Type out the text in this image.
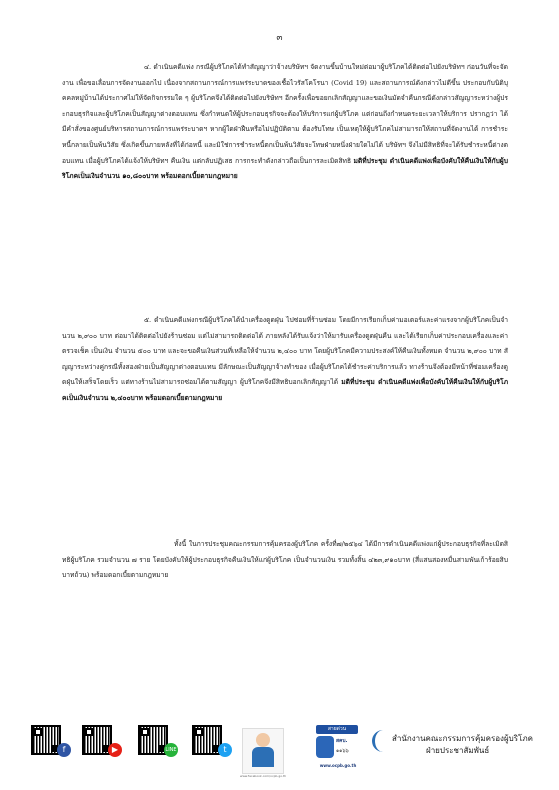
๓
๔. ดำเนินคดีแพ่ง กรณีผู้บริโภคได้ทำสัญญาว่าจ้างบริษัทฯ จัดงานขึ้นบ้านใหม่ต่อมาผู้บริโภคได้ติดต่อไปยังบริษัทฯ ก่อนวันที่จะจัดงาน เพื่อขอเลื่อนการจัดงานออกไป เนื่องจากสถานการณ์การแพร่ระบาดของเชื้อไวรัสโคโรนา (Covid 19) และสถานการณ์ดังกล่าวไม่ดีขึ้น ประกอบกับนิติบุคคลหมู่บ้านได้ประกาศไม่ให้จัดกิจกรรมใด ๆ ผู้บริโภคจึงได้ติดต่อไปยังบริษัทฯ อีกครั้งเพื่อขอยกเลิกสัญญาและขอเงินมัดจำคืนกรณีดังกล่าวสัญญาระหว่างผู้ประกอบธุรกิจและผู้บริโภคเป็นสัญญาต่างตอบแทน ซึ่งกำหนดให้ผู้ประกอบธุรกิจจะต้องให้บริการแก่ผู้บริโภค แต่ก่อนถึงกำหนดระยะเวลาให้บริการ ปรากฏว่า ได้มีคำสั่งของศูนย์บริหารสถานการณ์การแพร่ระบาดฯ หากผู้ใดฝ่าฝืนหรือไม่ปฏิบัติตาม ต้องรับโทษ เป็นเหตุให้ผู้บริโภคไม่สามารถให้สถานที่จัดงานได้ การชำระหนี้กลายเป็นพ้นวิสัย ซึ่งเกิดขึ้นภายหลังที่ได้ก่อหนี้ และมิใช่การชำระหนี้ตกเป็นพ้นวิสัยจะโทษฝ่ายหนึ่งฝ่ายใดไม่ได้ บริษัทฯ จึงไม่มีสิทธิที่จะได้รับชำระหนี้ต่างตอบแทน เมื่อผู้บริโภคได้แจ้งให้บริษัทฯ คืนเงิน แต่กลับปฏิเสธ การกระทำดังกล่าวถือเป็นการละเมิดสิทธิ มติที่ประชุม ดำเนินคดีแพ่งเพื่อบังคับให้คืนเงินให้กับผู้บริโภคเป็นเงินจำนวน ๑๐,๘๐๐บาท พร้อมดอกเบี้ยตามกฎหมาย
๕. ดำเนินคดีแพ่งกรณีผู้บริโภคได้นำเครื่องดูดฝุ่น ไปซ่อมที่ร้านซ่อม โดยมีการเรียกเก็บค่ามอเตอร์และค่าแรงจากผู้บริโภคเป็นจำนวน ๒,๙๐๐ บาท ต่อมาได้ติดต่อไปยังร้านซ่อม แต่ไม่สามารถติดต่อได้ ภายหลังได้รับแจ้งว่าให้มารับเครื่องดูดฝุ่นคืน และได้เรียกเก็บค่าประกอบเครื่องและค่าตรวจเช็ค เป็นเงิน จำนวน ๕๐๐ บาท และจะขอคืนเงินส่วนที่เหลือให้จำนวน ๒,๔๐๐ บาท โดยผู้บริโภคมีความประสงค์ให้คืนเงินทั้งหมด จำนวน ๒,๙๐๐ บาท สัญญาระหว่างคู่กรณีทั้งสองฝ่ายเป็นสัญญาต่างตอบแทน มีลักษณะเป็นสัญญาจ้างทำของ เมื่อผู้บริโภคได้ชำระค่าบริการแล้ว ทางร้านจึงต้องมีหน้าที่ซ่อมเครื่องดูดฝุ่นให้เสร็จโดยเร็ว แต่ทางร้านไม่สามารถซ่อมได้ตามสัญญา ผู้บริโภคจึงมีสิทธิบอกเลิกสัญญาได้ มติที่ประชุม ดำเนินคดีแพ่งเพื่อบังคับให้คืนเงินให้กับผู้บริโภคเป็นเงินจำนวน ๒,๔๐๐บาท พร้อมดอกเบี้ยตามกฎหมาย
ทั้งนี้ ในการประชุมคณะกรรมการคุ้มครองผู้บริโภค ครั้งที่๗/๒๕๖๔ ได้มีการดำเนินคดีแพ่งแก่ผู้ประกอบธุรกิจที่ละเมิดสิทธิผู้บริโภค รวมจำนวน ๗ ราย โดยบังคับให้ผู้ประกอบธุรกิจคืนเงินให้แก่ผู้บริโภค เป็นจำนวนเงิน รวมทั้งสิ้น ๔๒๓,๙๑๐บาท (สี่แสนสองหมื่นสามพันเก้าร้อยสิบบาทถ้วน) พร้อมดอกเบี้ยตามกฎหมาย
f	▶	LINE	t
www.facebook.com/ocpb.go.th
สายด่วน
สคบ.
๑๑๖๖
www.ocpb.go.th
สำนักงานคณะกรรมการคุ้มครองผู้บริโภค
ฝ่ายประชาสัมพันธ์
